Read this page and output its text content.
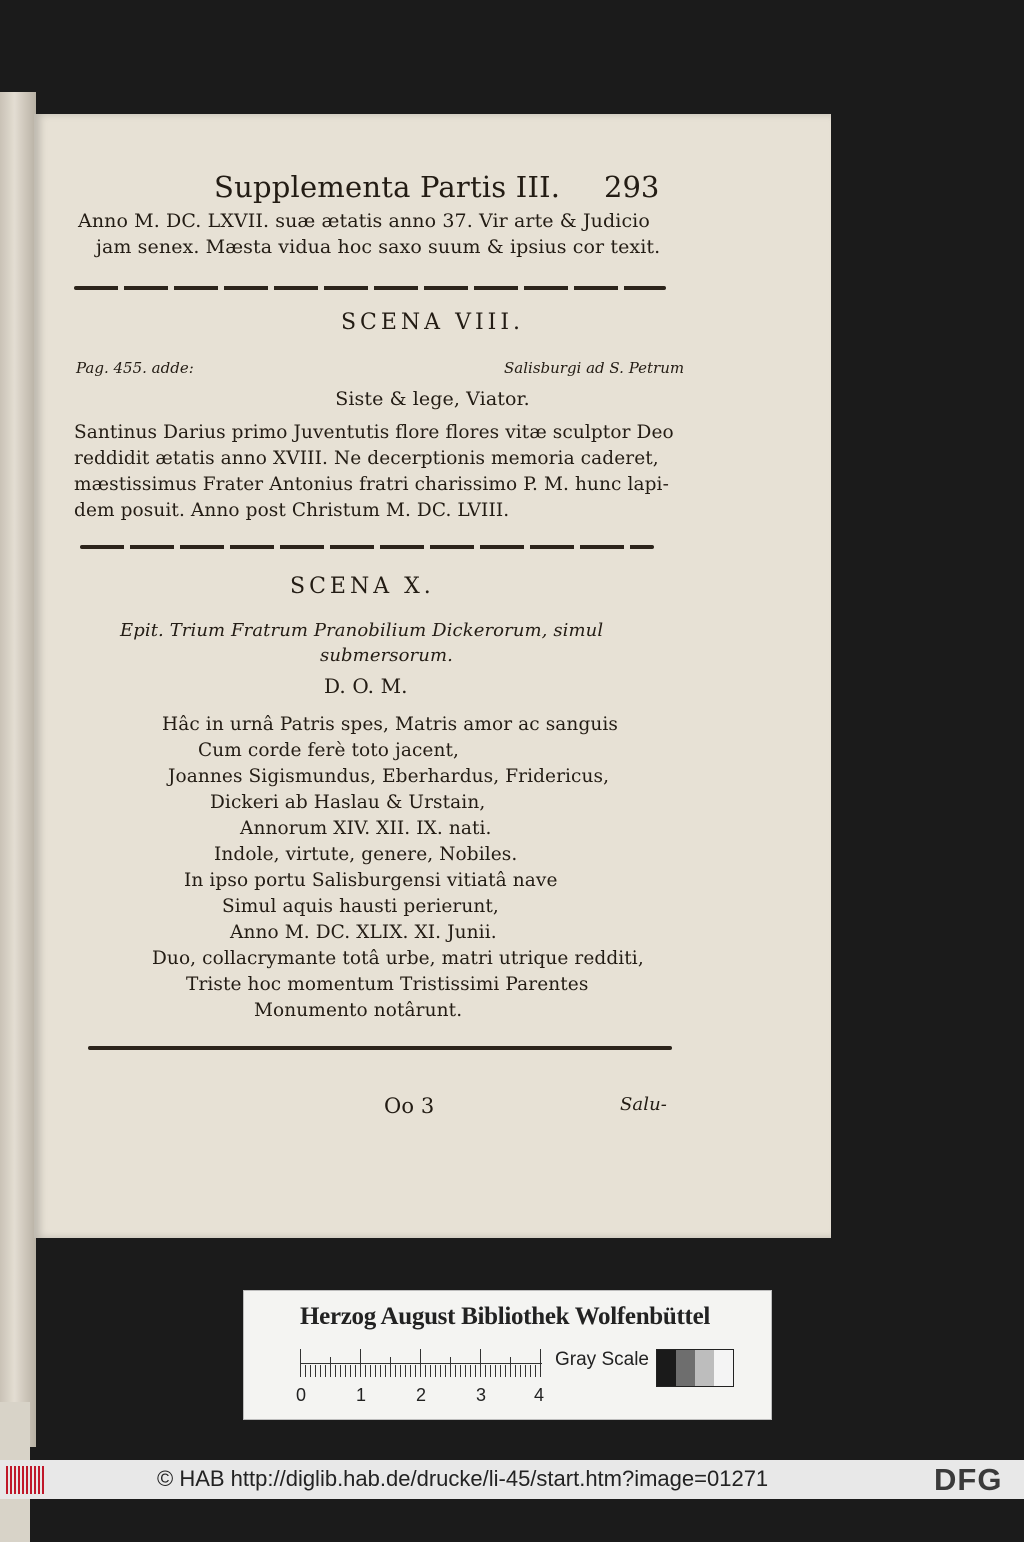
Supplementa Partis III. 293
Anno M. DC. LXVII. suæ ætatis anno 37. Vir arte & Judicio
jam senex. Mæsta vidua hoc saxo suum & ipsius cor texit.
SCENA VIII.
Pag. 455. adde:	Salisburgi ad S. Petrum
Siste & lege, Viator.
Santinus Darius primo Juventutis flore flores vitæ sculptor Deo
reddidit ætatis anno XVIII. Ne decerptionis memoria caderet,
mæstissimus Frater Antonius fratri charissimo P. M. hunc lapi-
dem posuit. Anno post Christum M. DC. LVIII.
SCENA X.
Epit. Trium Fratrum Pranobilium Dickerorum, simul
submersorum.
D. O. M.
Hâc in urnâ Patris spes, Matris amor ac sanguis
Cum corde ferè toto jacent,
Joannes Sigismundus, Eberhardus, Fridericus,
Dickeri ab Haslau & Urstain,
Annorum XIV. XII. IX. nati.
Indole, virtute, genere, Nobiles.
In ipso portu Salisburgensi vitiatâ nave
Simul aquis hausti perierunt,
Anno M. DC. XLIX. XI. Junii.
Duo, collacrymante totâ urbe, matri utrique redditi,
Triste hoc momentum Tristissimi Parentes
Monumento notârunt.
Oo 3	Salu-
Herzog August Bibliothek Wolfenbüttel
0	1	2	3	4
Gray Scale
© HAB http://diglib.hab.de/drucke/li-45/start.htm?image=01271	DFG
